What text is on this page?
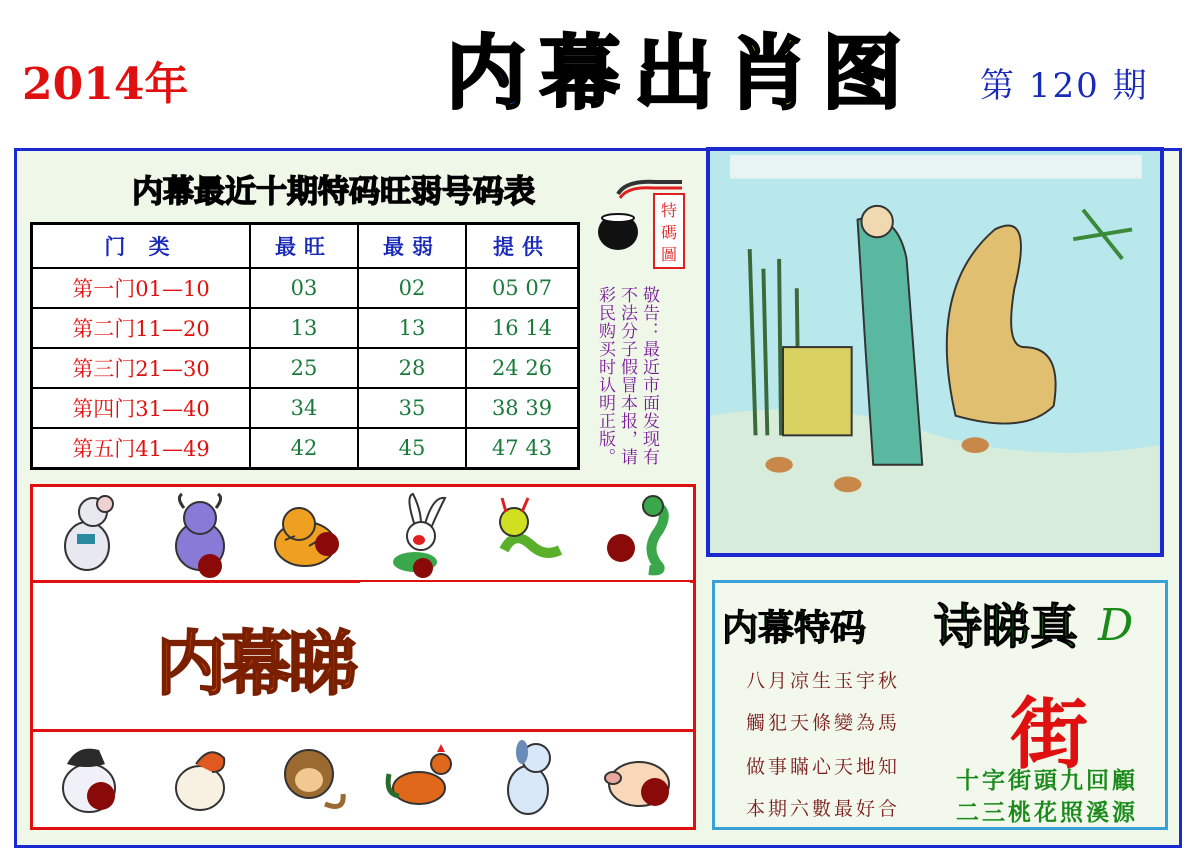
2014年	内 幕 出 肖 图 第 120 期
内幕最近十期特码旺弱号码表
门 类	最旺	最弱	提供
第一门01—10	03	02	05 07
第二门11—20	13	13	16 14
第三门21—30	25	28	24 26
第四门31—40	34	35	38 39
第五门41—49	42	45	47 43
特
碼
圖
敬告：最近市面发现有不法分子假冒本报，请彩民购买时认明正版。
内幕睇	内幕特码 诗睇真 D
八月凉生玉宇秋
觸犯天條變為馬
做事瞞心天地知
本期六數最好合
街
十字街頭九回顧
二三桃花照溪源
